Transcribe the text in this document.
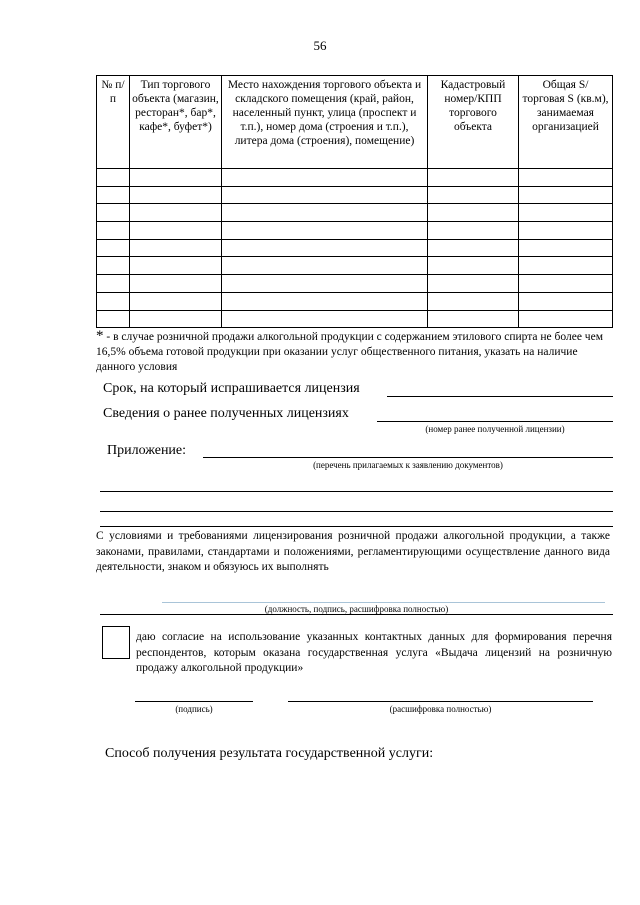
56
№ п/п	Тип торгового объекта (магазин, ресторан*, бар*, кафе*, буфет*)	Место нахождения торгового объекта и складского помещения (край, район, населенный пункт, улица (проспект и т.п.), номер дома (строения и т.п.), литера дома (строения), помещение)	Кадастровый номер/КПП торгового объекта	Общая S/ торговая S (кв.м), занимаемая организацией

* - в случае розничной продажи алкогольной продукции с содержанием этилового спирта не более чем 16,5% объема готовой продукции при оказании услуг общественного питания, указать на наличие данного условия
Срок, на который испрашивается лицензия
Сведения о ранее полученных лицензиях
(номер ранее полученной лицензии)
Приложение:
(перечень прилагаемых к заявлению документов)
С условиями и требованиями лицензирования розничной продажи алкогольной продукции, а также законами, правилами, стандартами и положениями, регламентирующими осуществление данного вида деятельности, знаком и обязуюсь их выполнять
(должность, подпись, расшифровка полностью)
даю согласие на использование указанных контактных данных для формирования перечня респондентов, которым оказана государственная услуга «Выдача лицензий на розничную продажу алкогольной продукции»
(подпись)	(расшифровка полностью)
Способ получения результата государственной услуги:
